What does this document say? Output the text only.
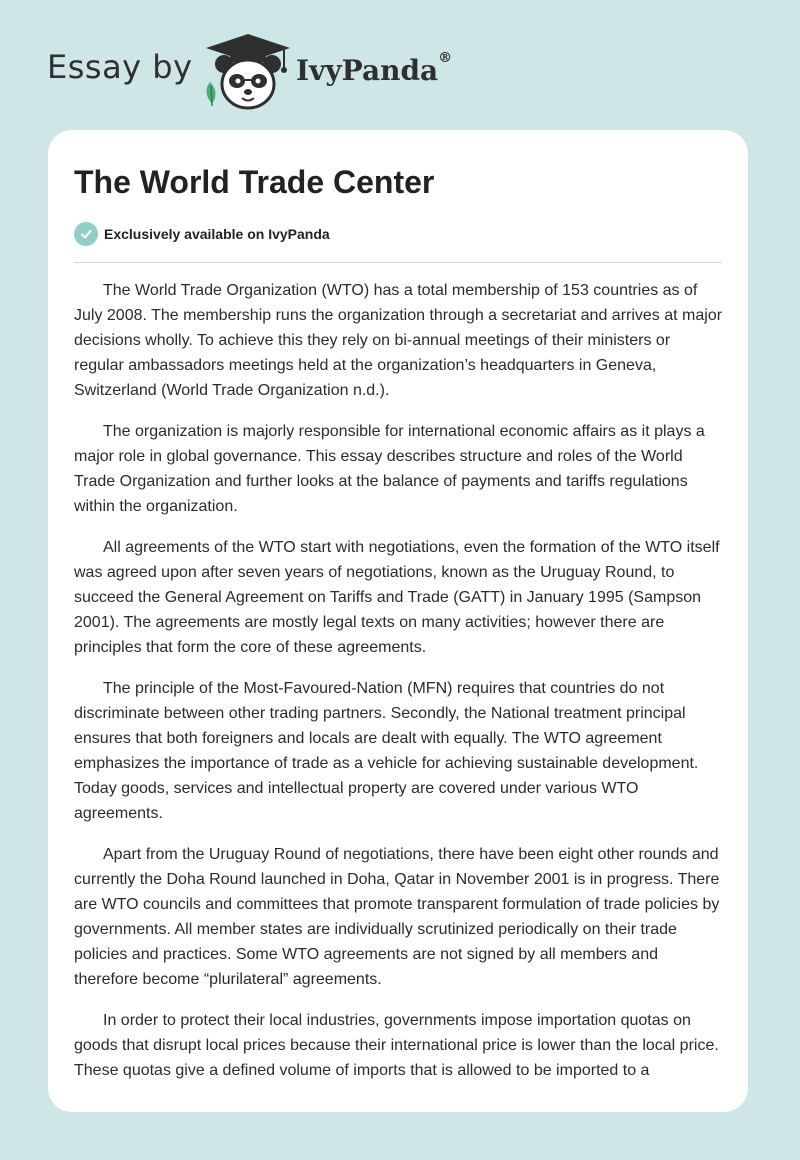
Essay by	IvyPanda®
The World Trade Center
Exclusively available on IvyPanda

The World Trade Organization (WTO) has a total membership of 153 countries as of July 2008. The membership runs the organization through a secretariat and arrives at major decisions wholly. To achieve this they rely on bi-annual meetings of their ministers or regular ambassadors meetings held at the organization’s headquarters in Geneva, Switzerland (World Trade Organization n.d.).

The organization is majorly responsible for international economic affairs as it plays a major role in global governance. This essay describes structure and roles of the World Trade Organization and further looks at the balance of payments and tariffs regulations within the organization.

All agreements of the WTO start with negotiations, even the formation of the WTO itself was agreed upon after seven years of negotiations, known as the Uruguay Round, to succeed the General Agreement on Tariffs and Trade (GATT) in January 1995 (Sampson 2001). The agreements are mostly legal texts on many activities; however there are principles that form the core of these agreements.

The principle of the Most-Favoured-Nation (MFN) requires that countries do not discriminate between other trading partners. Secondly, the National treatment principal ensures that both foreigners and locals are dealt with equally. The WTO agreement emphasizes the importance of trade as a vehicle for achieving sustainable development. Today goods, services and intellectual property are covered under various WTO agreements.

Apart from the Uruguay Round of negotiations, there have been eight other rounds and currently the Doha Round launched in Doha, Qatar in November 2001 is in progress. There are WTO councils and committees that promote transparent formulation of trade policies by governments. All member states are individually scrutinized periodically on their trade policies and practices. Some WTO agreements are not signed by all members and therefore become “plurilateral” agreements.

In order to protect their local industries, governments impose importation quotas on goods that disrupt local prices because their international price is lower than the local price. These quotas give a defined volume of imports that is allowed to be imported to a
